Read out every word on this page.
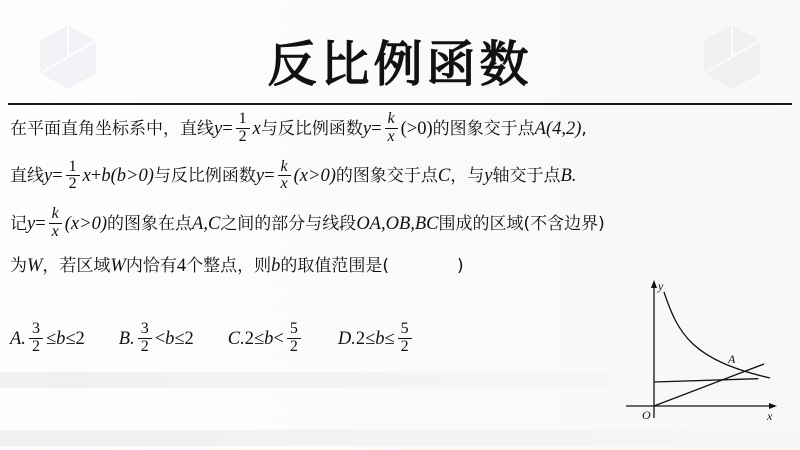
反比例函数
在平面直角坐标系中，直线 $y = \frac{1}{2}$ x 与反比例函数 $y = \frac{k}{x} (>0)$ 的图象交于点 A(4,2) ,
直线 $y = \frac{1}{2}$ x + b (b>0) 与反比例函数 $y = \frac{k}{x} (x>0)$ 的图象交于点 C ，与 y 轴交于点 B.
记 $y = \frac{k}{x} (x>0)$ 的图象在点 A,C 之间的部分与线段 OA,OB,BC 围成的区域(不含边界)
为 W ，若区域 W 内恰有 4 个整点，则 b 的取值范围是( 　　　　)
A. $\frac{3}{2} \le b \le 2$ B. $\frac{3}{2} < b \le 2$ C. $2 \le b < \frac{5}{2} D$. $2 \le b \le \frac{5}{2}$
y
x
O
A
